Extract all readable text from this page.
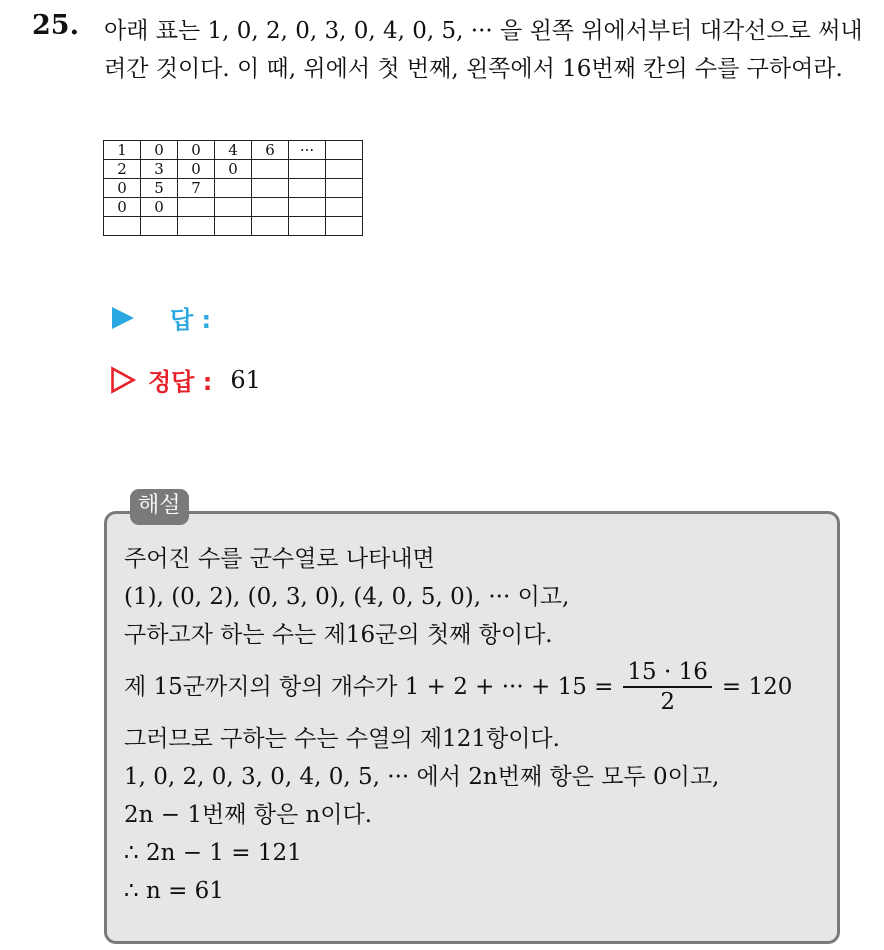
25. 아래 표는 1, 0, 2, 0, 3, 0, 4, 0, 5, ··· 을 왼쪽 위에서부터 대각선으로 써내려간 것이다. 이 때, 위에서 첫 번째, 왼쪽에서 16번째 칸의 수를 구하여라.

1	0	0	4	6	···	
2	3	0	0			
0	5	7				
0	0					

답 :
정답 : 61
해설
주어진 수를 군수열로 나타내면
(1), (0, 2), (0, 3, 0), (4, 0, 5, 0), ··· 이고,
구하고자 하는 수는 제16군의 첫째 항이다.
제 15군까지의 항의 개수가 1 + 2 + ··· + $15 = \frac{15 \cdot 16}{2} = 120$
그러므로 구하는 수는 수열의 제121항이다.
1, 0, 2, 0, 3, 0, 4, 0, 5, ··· 에서 2n번째 항은 모두 0이고,
2n − 1번째 항은 n이다.
∴ 2n − 1 = 121
∴ n = 61
